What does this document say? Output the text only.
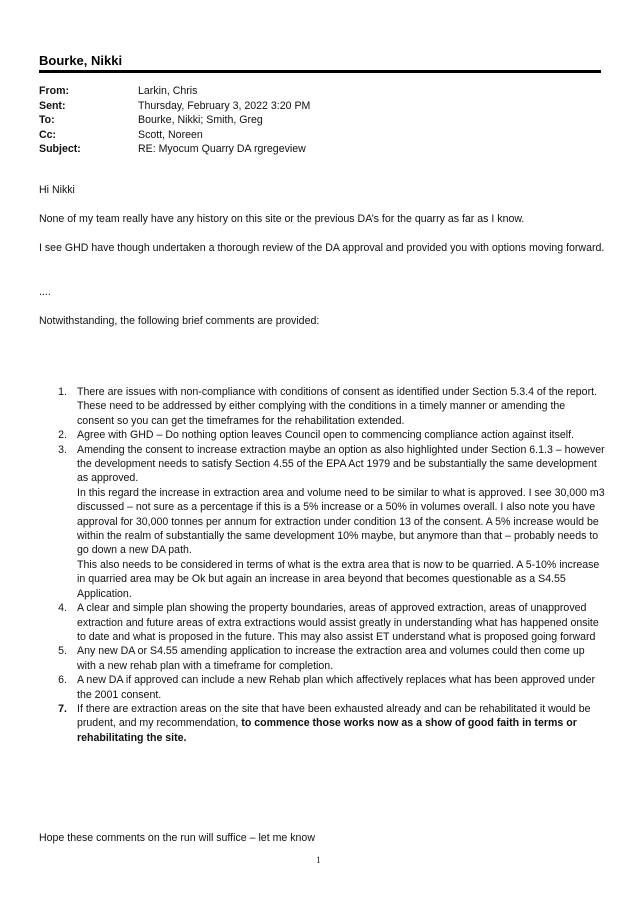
Bourke, Nikki
From:	Larkin, Chris
Sent:	Thursday, February 3, 2022 3:20 PM
To:	Bourke, Nikki; Smith, Greg
Cc:	Scott, Noreen
Subject:	RE: Myocum Quarry DA rgregeview

Hi Nikki

None of my team really have any history on this site or the previous DA’s for the quarry as far as I know.

I see GHD have though undertaken a thorough review of the DA approval and provided you with options moving forward.

....

Notwithstanding, the following brief comments are provided:

1. There are issues with non-compliance with conditions of consent as identified under Section 5.3.4 of the report.

These need to be addressed by either complying with the conditions in a timely manner or amending the consent so you can get the timeframes for the rehabilitation extended.

2. Agree with GHD – Do nothing option leaves Council open to commencing compliance action against itself.

3. Amending the consent to increase extraction maybe an option as also highlighted under Section 6.1.3 – however the development needs to satisfy Section 4.55 of the EPA Act 1979 and be substantially the same development as approved.

In this regard the increase in extraction area and volume need to be similar to what is approved. I see 30,000 m3 discussed – not sure as a percentage if this is a 5% increase or a 50% in volumes overall. I also note you have approval for 30,000 tonnes per annum for extraction under condition 13 of the consent. A 5% increase would be within the realm of substantially the same development 10% maybe, but anymore than that – probably needs to go down a new DA path.

This also needs to be considered in terms of what is the extra area that is now to be quarried. A 5-10% increase in quarried area may be Ok but again an increase in area beyond that becomes questionable as a S4.55 Application.

4. A clear and simple plan showing the property boundaries, areas of approved extraction, areas of unapproved extraction and future areas of extra extractions would assist greatly in understanding what has happened onsite to date and what is proposed in the future. This may also assist ET understand what is proposed going forward

5. Any new DA or S4.55 amending application to increase the extraction area and volumes could then come up with a new rehab plan with a timeframe for completion.

6. A new DA if approved can include a new Rehab plan which affectively replaces what has been approved under the 2001 consent.

7. If there are extraction areas on the site that have been exhausted already and can be rehabilitated it would be prudent, and my recommendation, to commence those works now as a show of good faith in terms or rehabilitating the site.

Hope these comments on the run will suffice – let me know
1
